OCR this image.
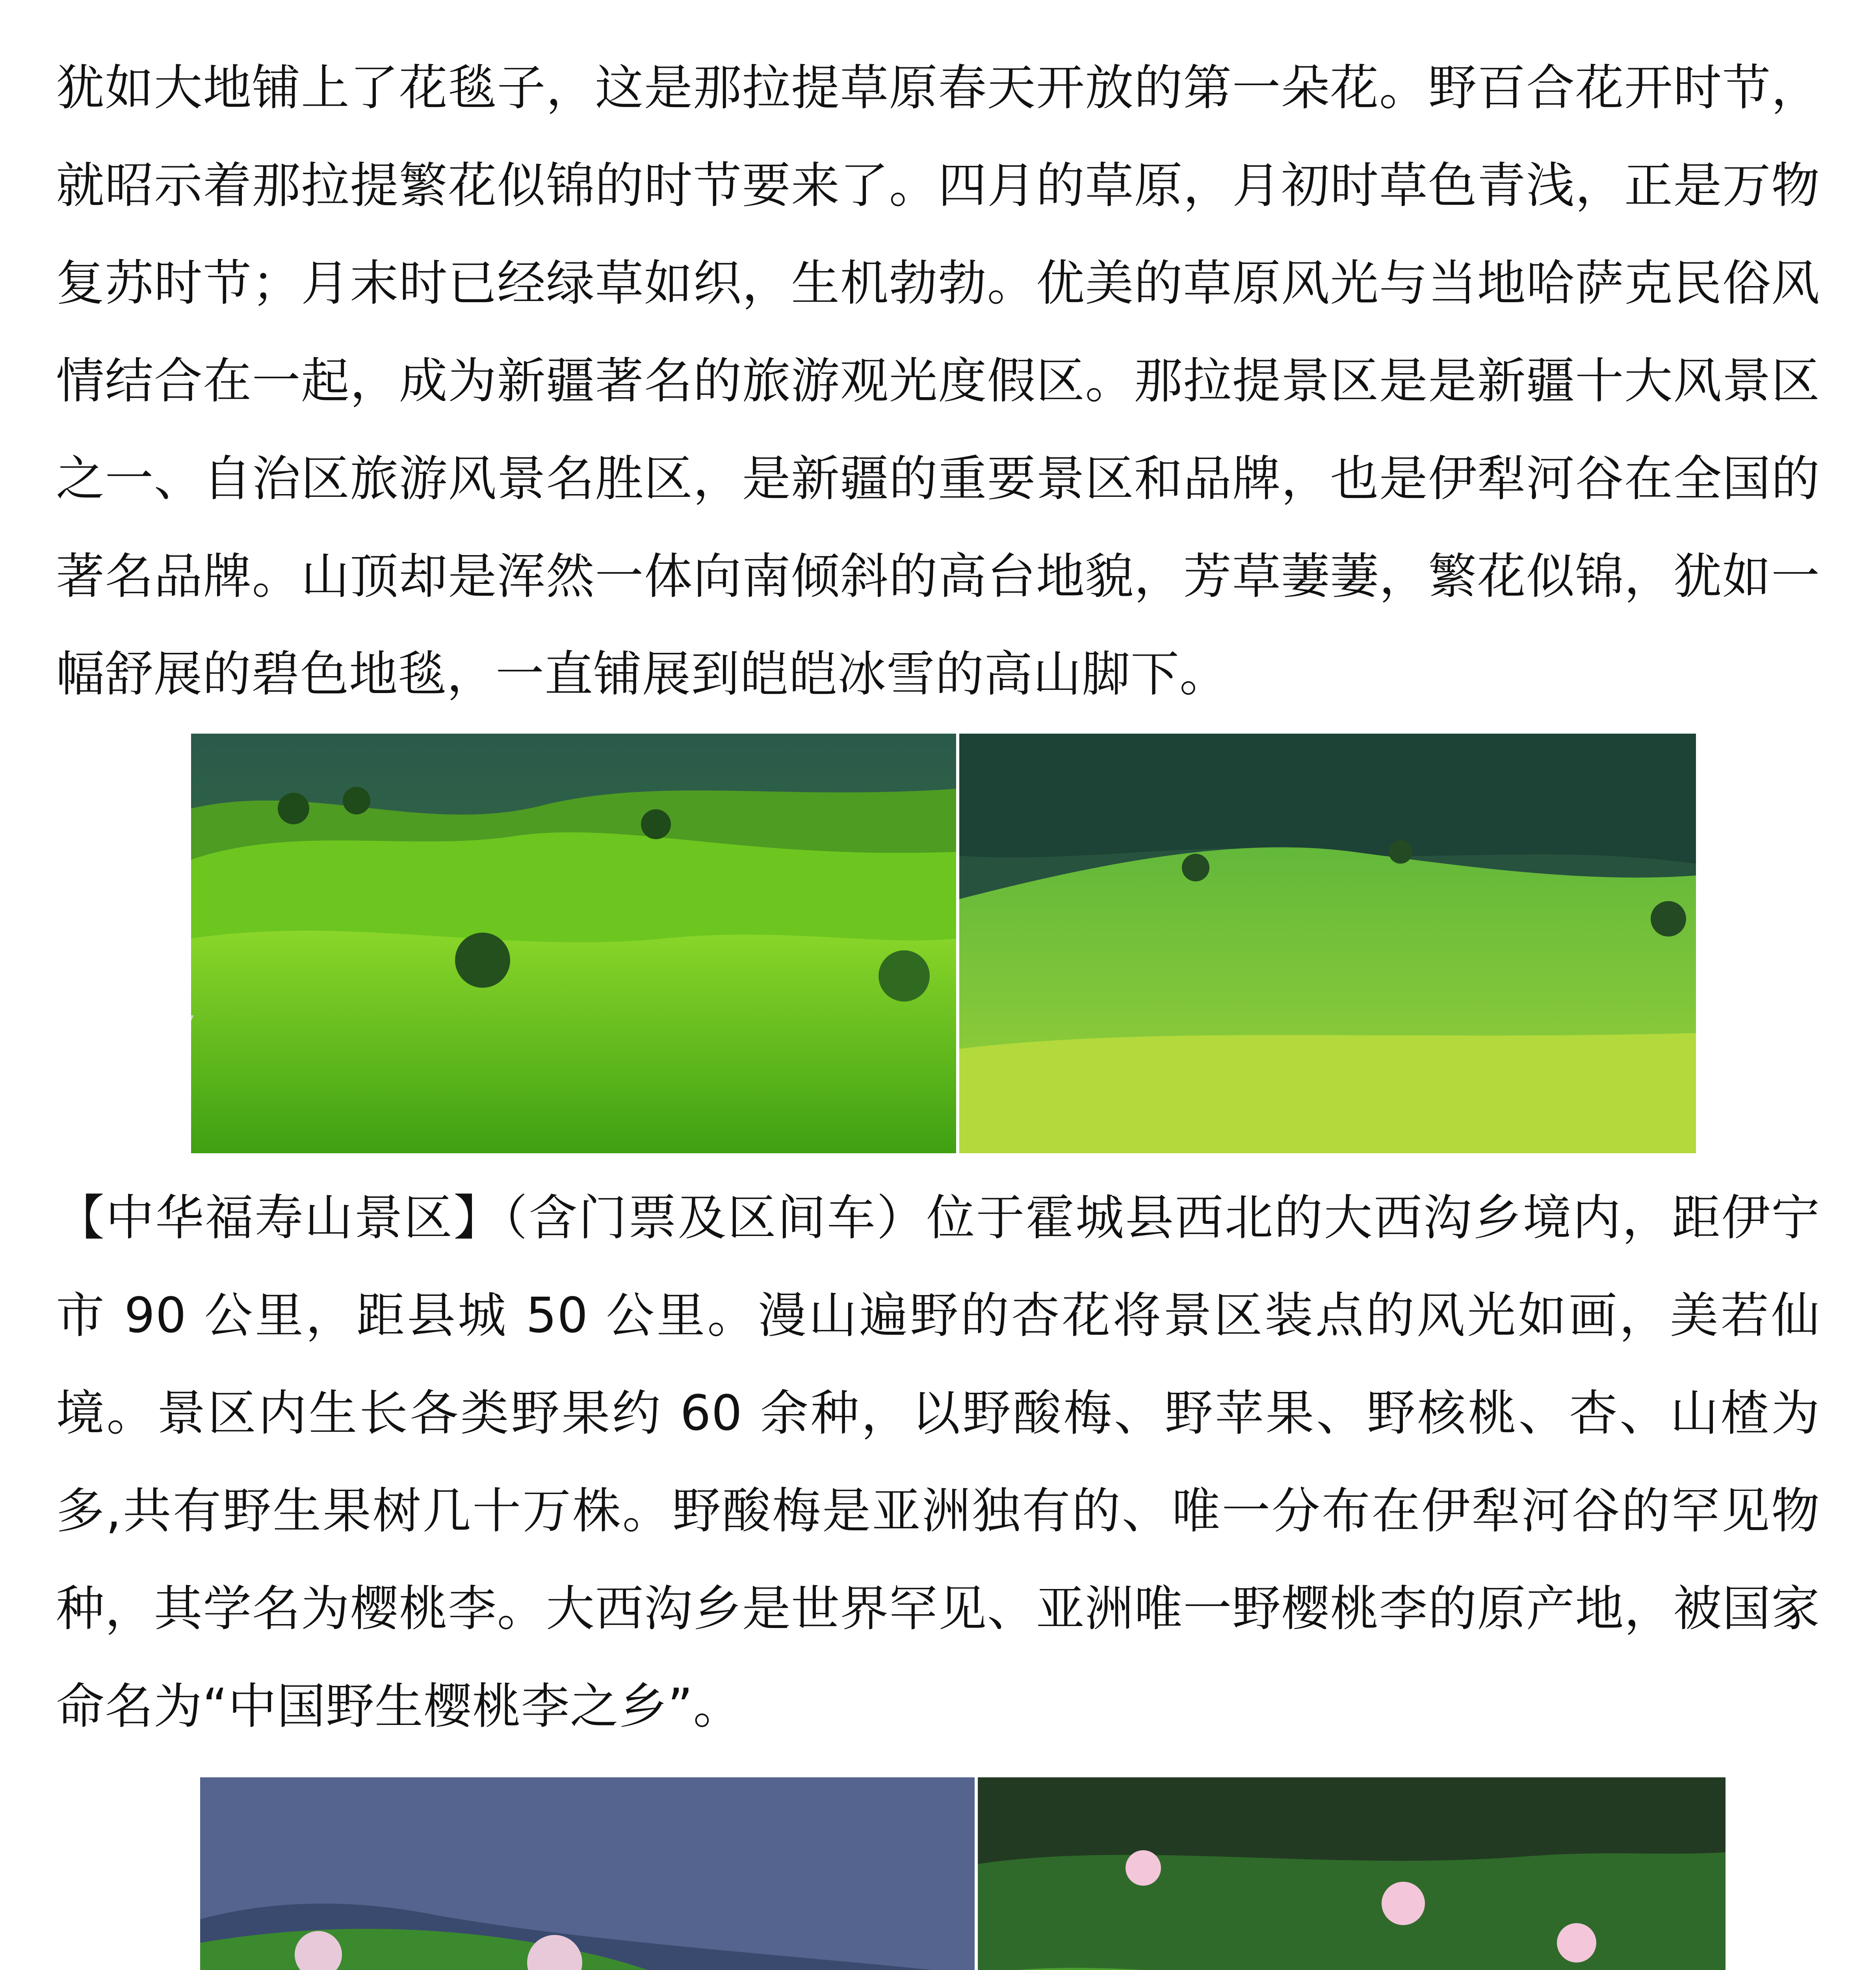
犹如大地铺上了花毯子，这是那拉提草原春天开放的第一朵花。野百合花开时节，就昭示着那拉提繁花似锦的时节要来了。四月的草原，月初时草色青浅，正是万物复苏时节；月末时已经绿草如织，生机勃勃。优美的草原风光与当地哈萨克民俗风情结合在一起，成为新疆著名的旅游观光度假区。那拉提景区是是新疆十大风景区之一、自治区旅游风景名胜区，是新疆的重要景区和品牌，也是伊犁河谷在全国的著名品牌。山顶却是浑然一体向南倾斜的高台地貌，芳草萋萋，繁花似锦，犹如一幅舒展的碧色地毯，一直铺展到皑皑冰雪的高山脚下。

【中华福寿山景区】（含门票及区间车）位于霍城县西北的大西沟乡境内，距伊宁市 90 公里，距县城 50 公里。漫山遍野的杏花将景区装点的风光如画，美若仙境。景区内生长各类野果约 60 余种，以野酸梅、野苹果、野核桃、杏、山楂为多,共有野生果树几十万株。野酸梅是亚洲独有的、唯一分布在伊犁河谷的罕见物种，其学名为樱桃李。大西沟乡是世界罕见、亚洲唯一野樱桃李的原产地，被国家命名为“中国野生樱桃李之乡”。
